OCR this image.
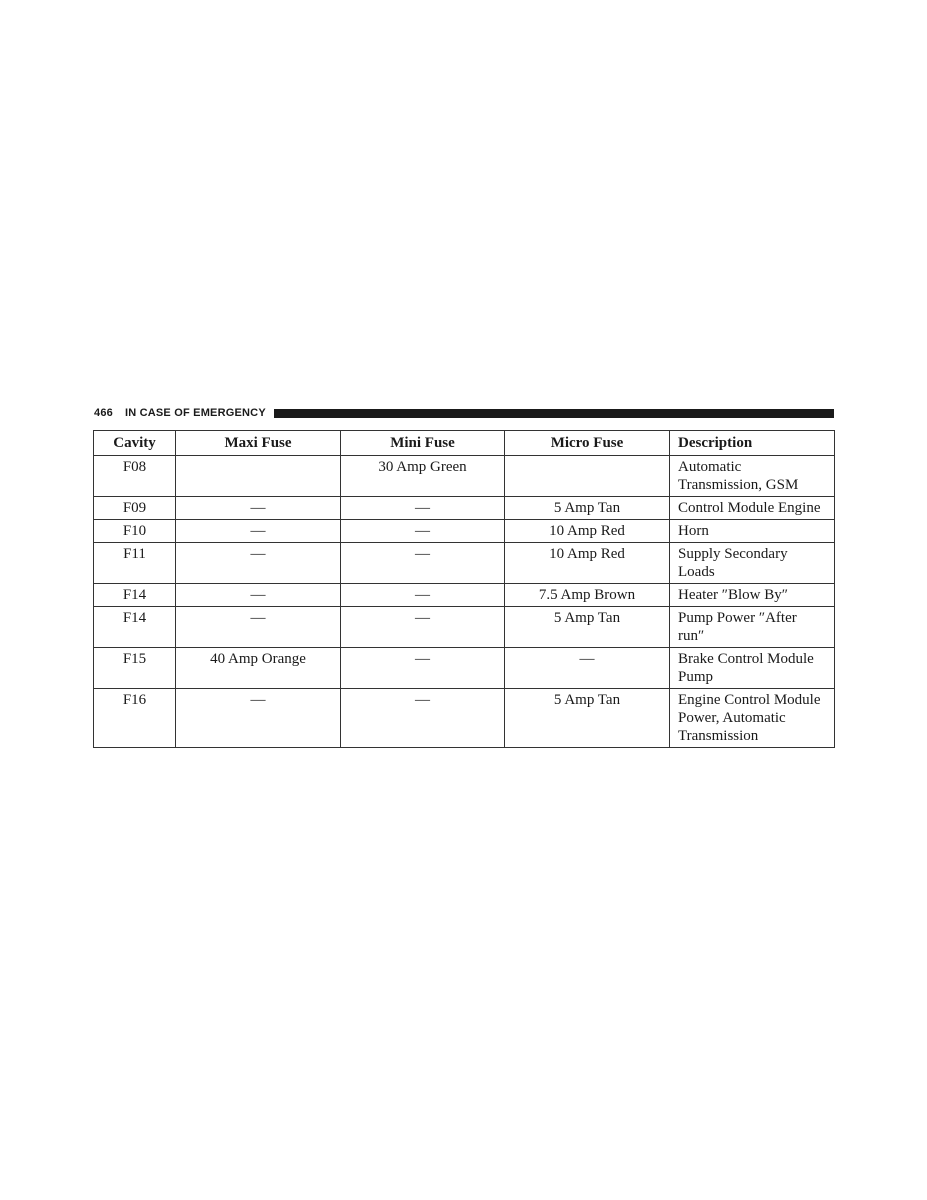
466 IN CASE OF EMERGENCY
Cavity	Maxi Fuse	Mini Fuse	Micro Fuse	Description
F08		30 Amp Green		Automatic Transmission, GSM
F09	—	—	5 Amp Tan	Control Module Engine
F10	—	—	10 Amp Red	Horn
F11	—	—	10 Amp Red	Supply Secondary Loads
F14	—	—	7.5 Amp Brown	Heater ″Blow By″
F14	—	—	5 Amp Tan	Pump Power ″After run″
F15	40 Amp Orange	—	—	Brake Control Module Pump
F16	—	—	5 Amp Tan	Engine Control Module Power, Automatic Transmission
